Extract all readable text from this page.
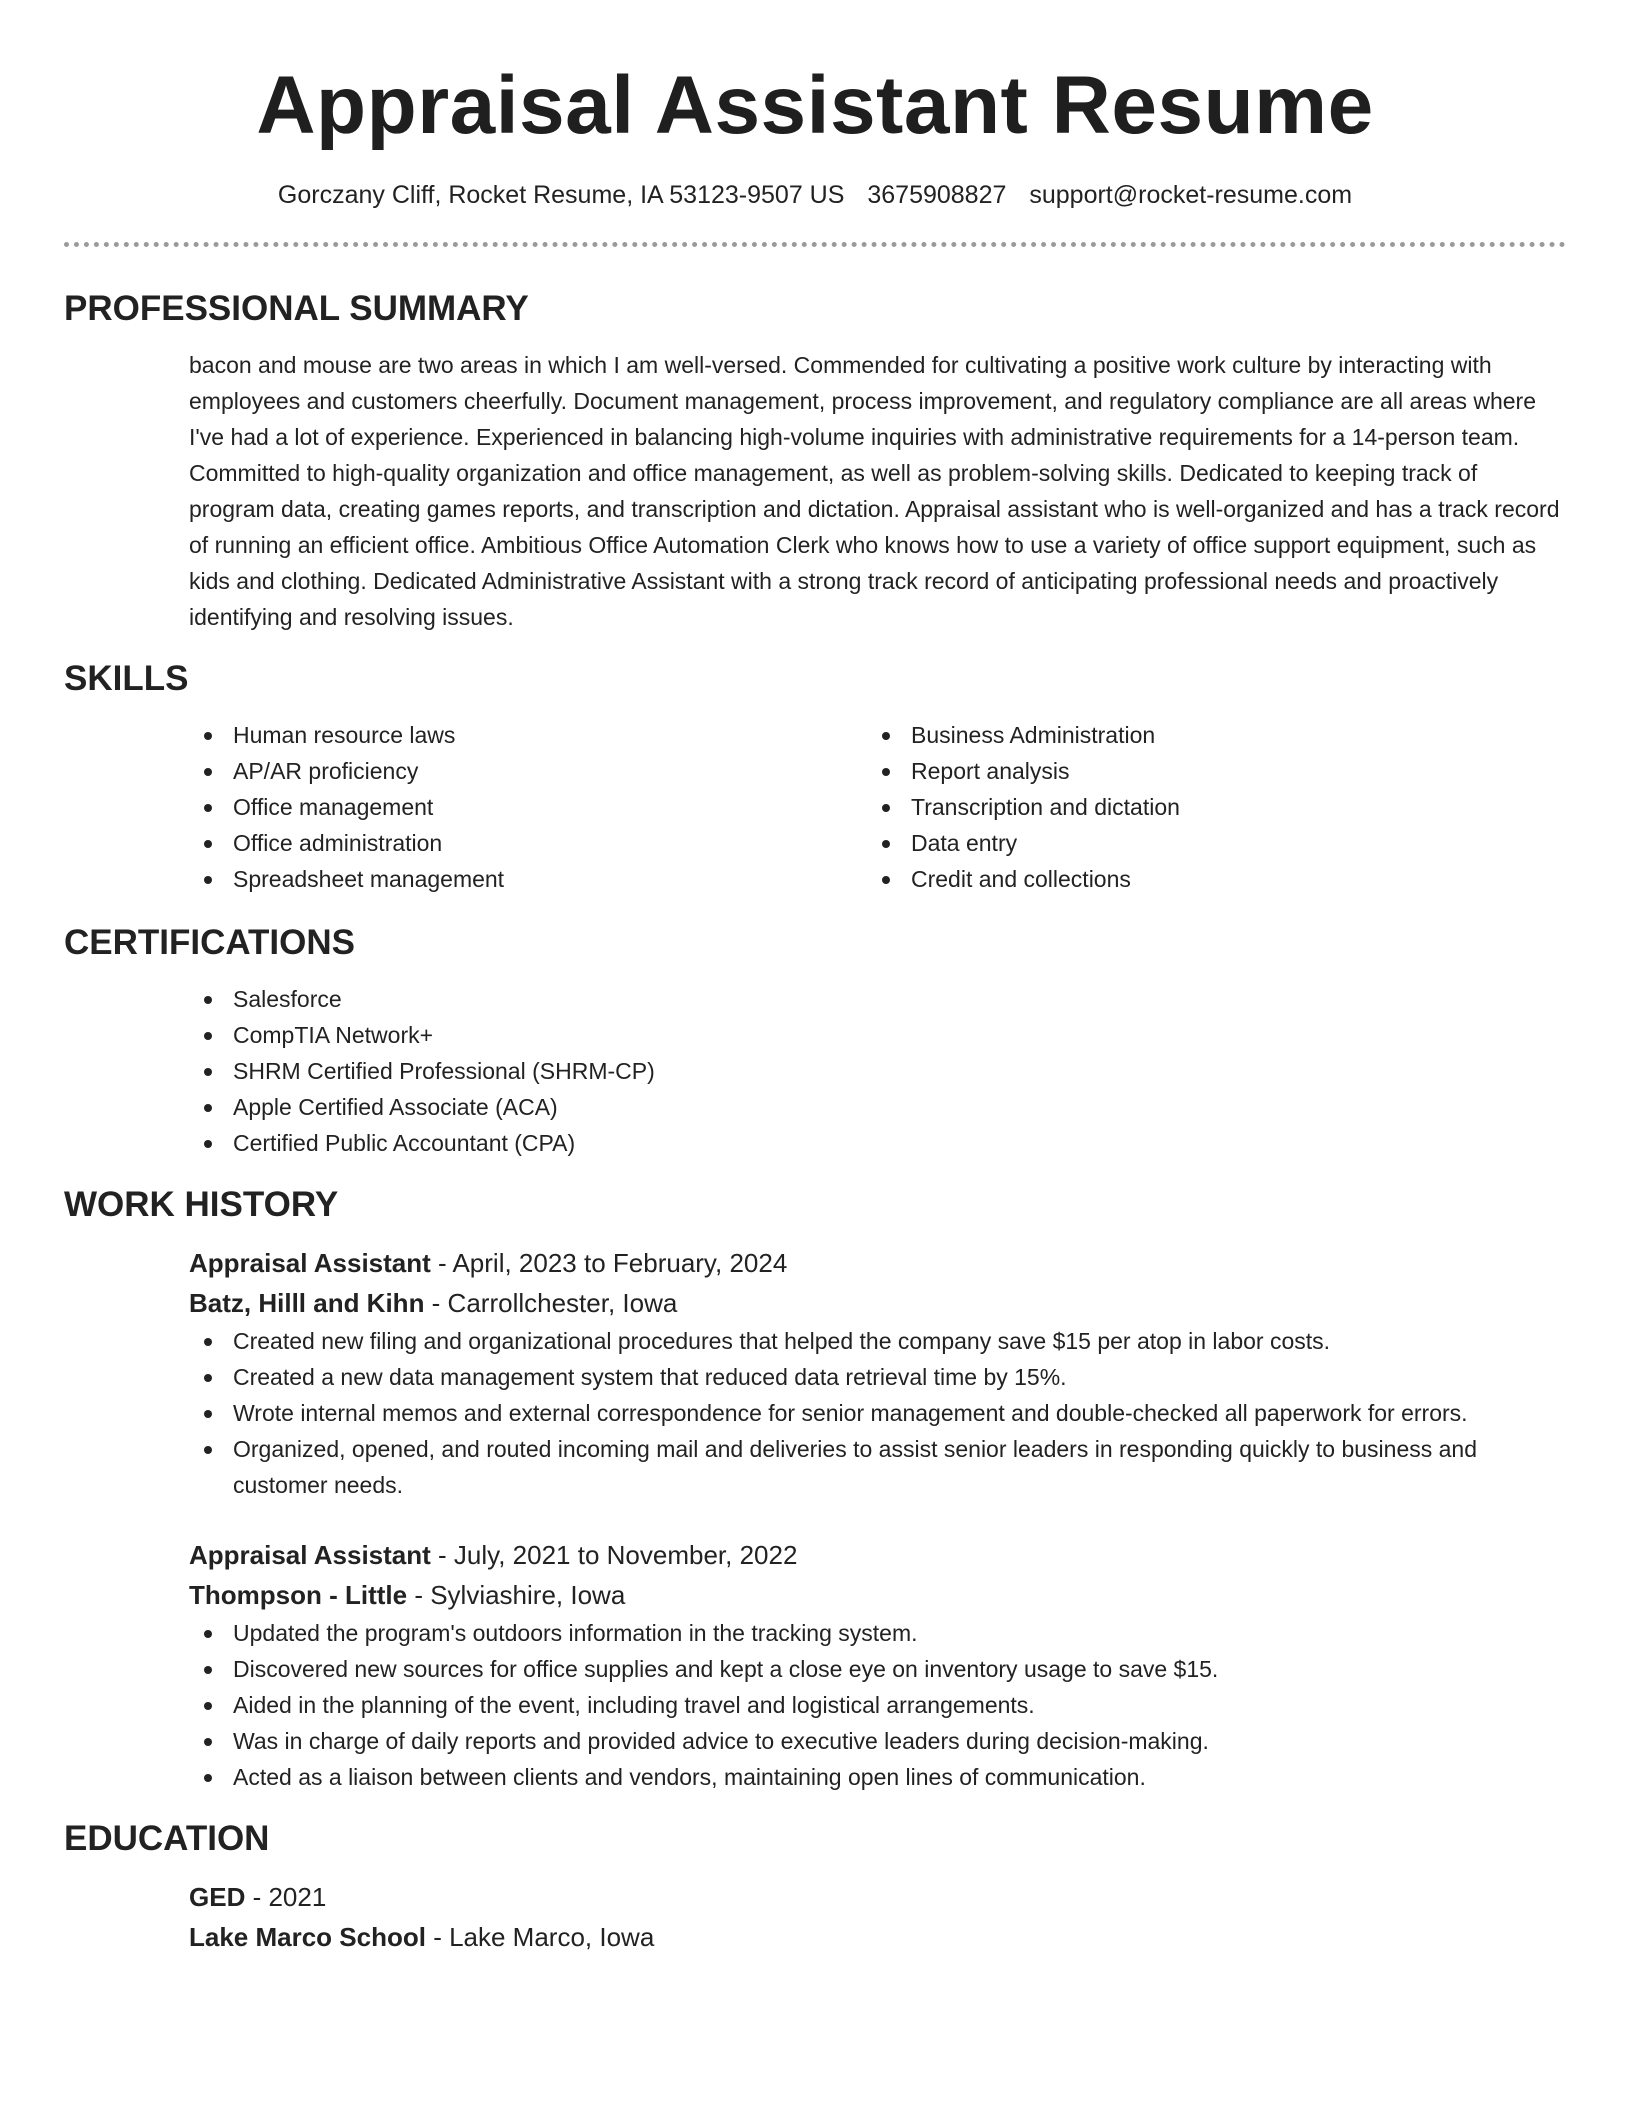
Appraisal Assistant Resume
Gorczany Cliff, Rocket Resume, IA 53123-9507 US 3675908827 support@rocket-resume.com
PROFESSIONAL SUMMARY

bacon and mouse are two areas in which I am well-versed. Commended for cultivating a positive work culture by interacting with employees and customers cheerfully. Document management, process improvement, and regulatory compliance are all areas where I've had a lot of experience. Experienced in balancing high-volume inquiries with administrative requirements for a 14-person team. Committed to high-quality organization and office management, as well as problem-solving skills. Dedicated to keeping track of program data, creating games reports, and transcription and dictation. Appraisal assistant who is well-organized and has a track record of running an efficient office. Ambitious Office Automation Clerk who knows how to use a variety of office support equipment, such as kids and clothing. Dedicated Administrative Assistant with a strong track record of anticipating professional needs and proactively identifying and resolving issues.

SKILLS
Human resource laws
AP/AR proficiency
Office management
Office administration
Spreadsheet management
Business Administration
Report analysis
Transcription and dictation
Data entry
Credit and collections
CERTIFICATIONS
Salesforce
CompTIA Network+
SHRM Certified Professional (SHRM-CP)
Apple Certified Associate (ACA)
Certified Public Accountant (CPA)
WORK HISTORY
Appraisal Assistant - April, 2023 to February, 2024
Batz, Hilll and Kihn - Carrollchester, Iowa
Created new filing and organizational procedures that helped the company save $15 per atop in labor costs.
Created a new data management system that reduced data retrieval time by 15%.
Wrote internal memos and external correspondence for senior management and double-checked all paperwork for errors.
Organized, opened, and routed incoming mail and deliveries to assist senior leaders in responding quickly to business and customer needs.
Appraisal Assistant - July, 2021 to November, 2022
Thompson - Little - Sylviashire, Iowa
Updated the program's outdoors information in the tracking system.
Discovered new sources for office supplies and kept a close eye on inventory usage to save $15.
Aided in the planning of the event, including travel and logistical arrangements.
Was in charge of daily reports and provided advice to executive leaders during decision-making.
Acted as a liaison between clients and vendors, maintaining open lines of communication.
EDUCATION
GED - 2021
Lake Marco School - Lake Marco, Iowa
